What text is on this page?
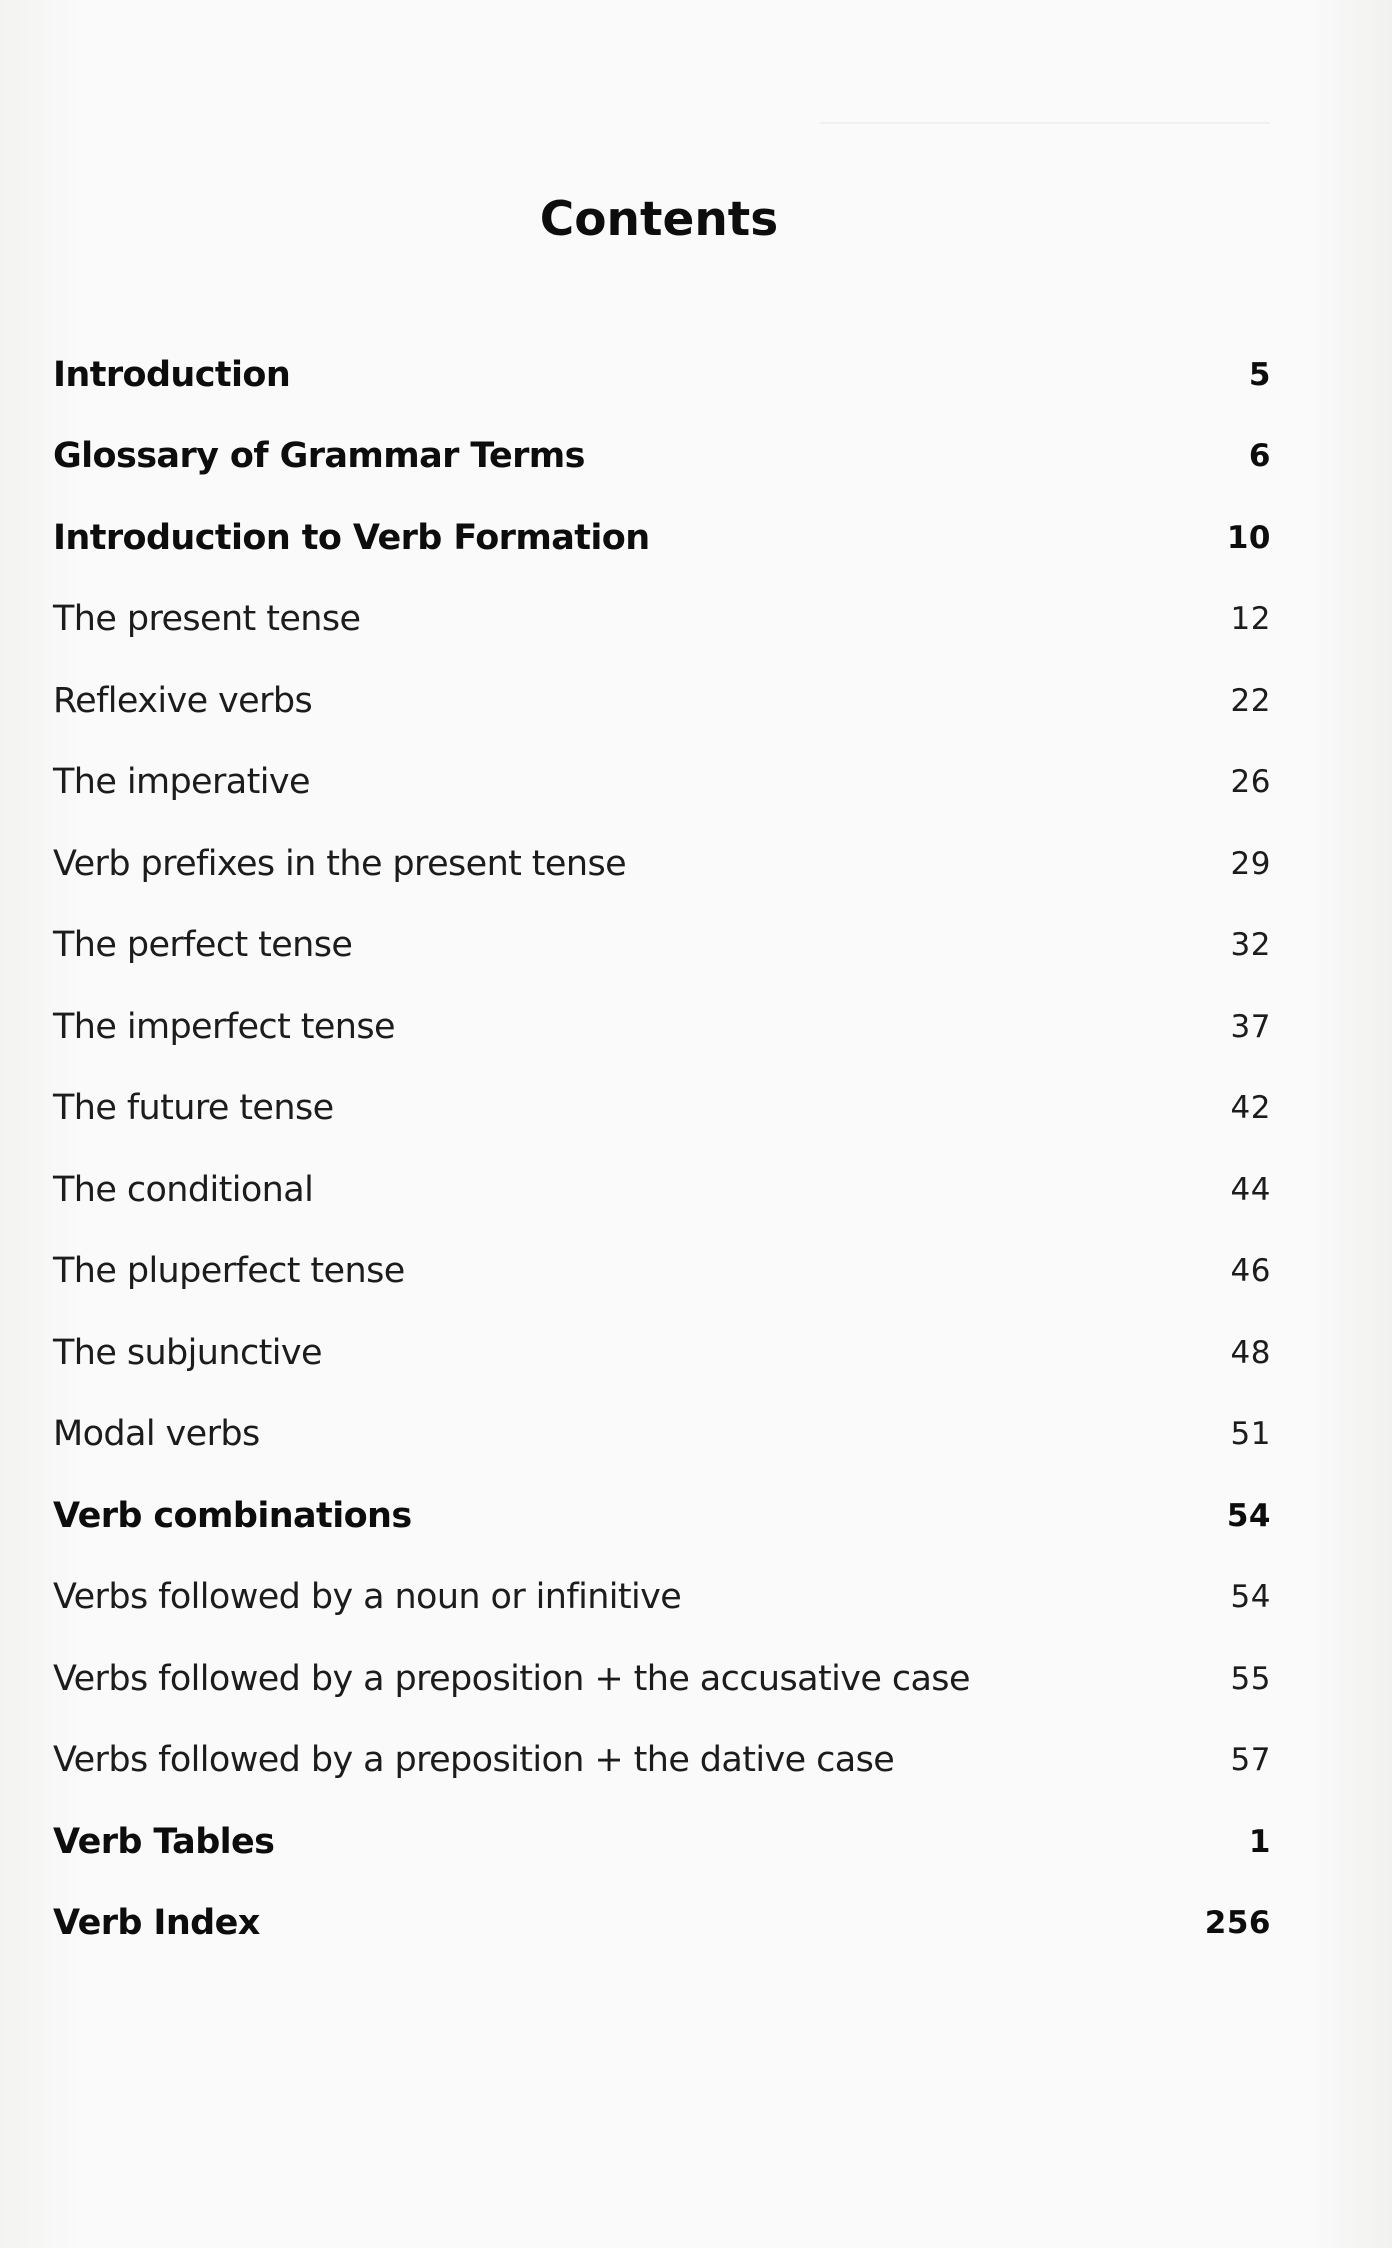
Contents
Introduction	5
Glossary of Grammar Terms	6
Introduction to Verb Formation	10
The present tense	12
Reflexive verbs	22
The imperative	26
Verb prefixes in the present tense	29
The perfect tense	32
The imperfect tense	37
The future tense	42
The conditional	44
The pluperfect tense	46
The subjunctive	48
Modal verbs	51
Verb combinations	54
Verbs followed by a noun or infinitive	54
Verbs followed by a preposition + the accusative case	55
Verbs followed by a preposition + the dative case	57
Verb Tables	1
Verb Index	256
